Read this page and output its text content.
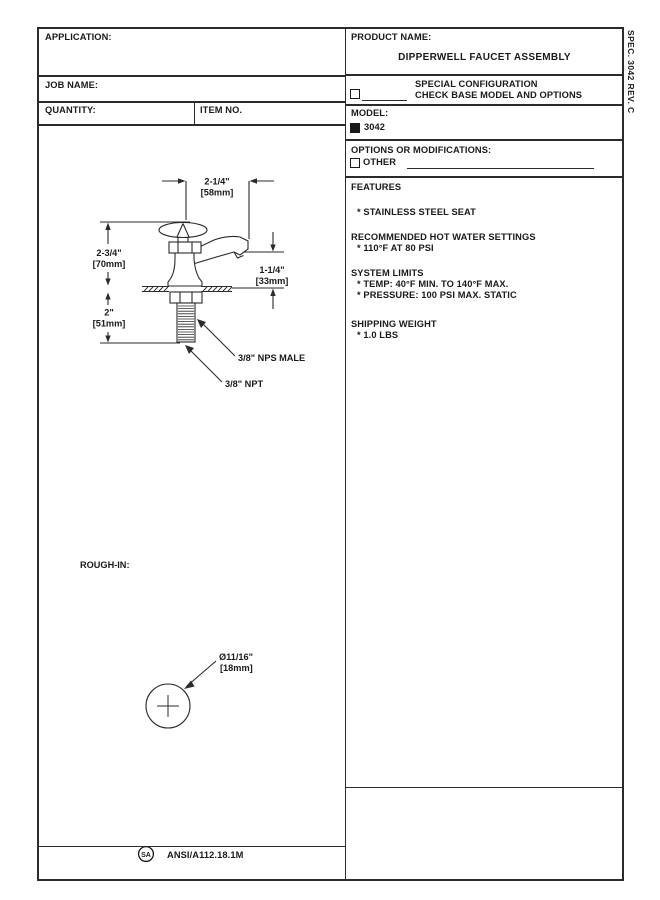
SPEC. 3042 REV. C
APPLICATION:
JOB NAME:
QUANTITY:	ITEM NO.
PRODUCT NAME:
DIPPERWELL FAUCET ASSEMBLY
SPECIAL CONFIGURATION
CHECK BASE MODEL AND OPTIONS
MODEL:
3042
OPTIONS OR MODIFICATIONS:
OTHER
FEATURES
* STAINLESS STEEL SEAT
RECOMMENDED HOT WATER SETTINGS
* 110°F AT 80 PSI
SYSTEM LIMITS
* TEMP: 40°F MIN. TO 140°F MAX.
* PRESSURE: 100 PSI MAX. STATIC
SHIPPING WEIGHT
* 1.0 LBS
2-1/4"
[58mm]
2-3/4"
[70mm]
1-1/4"
[33mm]
2"
[51mm]
3/8" NPS MALE
3/8" NPT
ROUGH-IN:
Ø11/16"
[18mm]
SA ANSI/A112.18.1M
